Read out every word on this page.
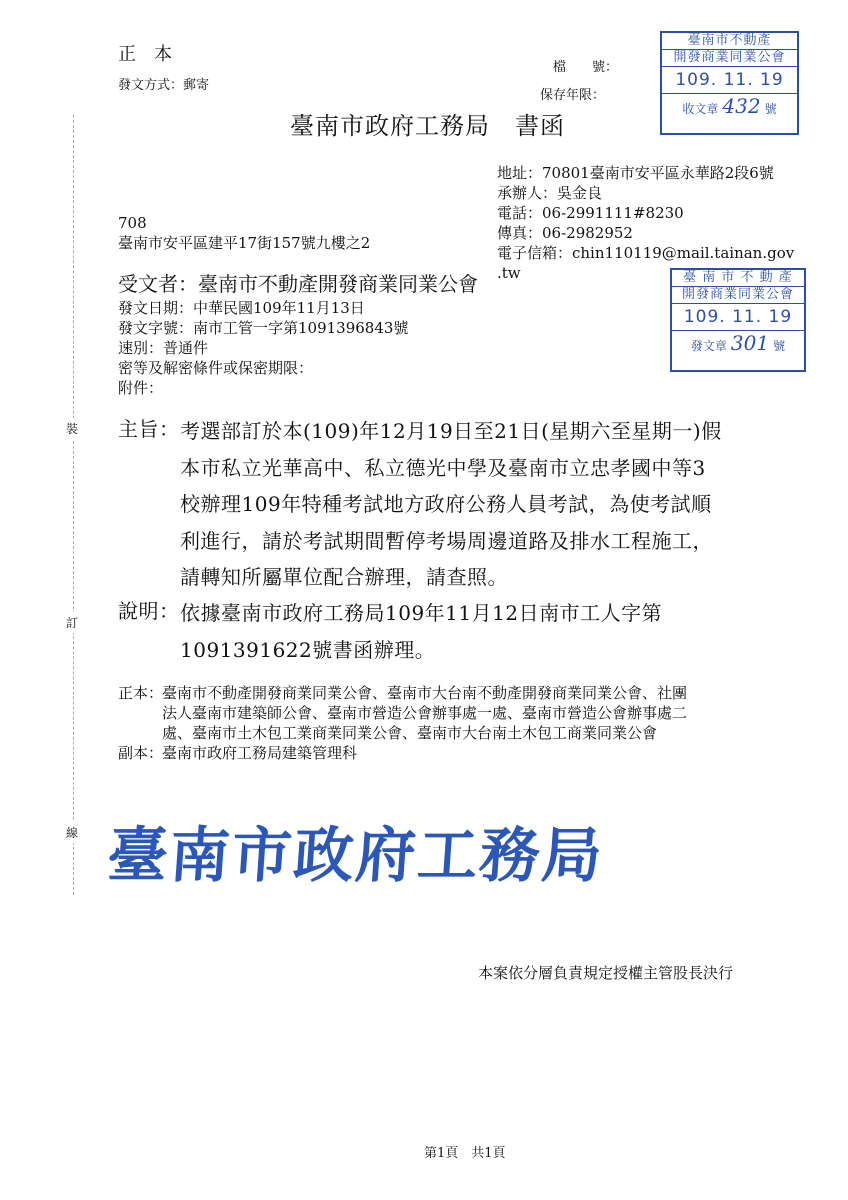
裝
訂
線
正　本
發文方式：郵寄
檔　　號：
保存年限：
臺南市政府工務局　書函
臺南市不動產
開發商業同業公會
109. 11. 19
收文章 432 號
地址：70801臺南市安平區永華路2段6號
承辦人：吳金良
電話：06-2991111#8230
傳真：06-2982952
電子信箱：chin110119@mail.tainan.gov
.tw
708
臺南市安平區建平17街157號九樓之2
受文者：臺南市不動產開發商業同業公會
發文日期：中華民國109年11月13日
發文字號：南市工管一字第1091396843號
速別：普通件
密等及解密條件或保密期限：
附件：
臺 南 市 不 動 產
開發商業同業公會
109. 11. 19
發文章 301 號
主旨： 考選部訂於本(109)年12月19日至21日(星期六至星期一)假
本市私立光華高中、私立德光中學及臺南市立忠孝國中等3
校辦理109年特種考試地方政府公務人員考試，為使考試順
利進行，請於考試期間暫停考場周邊道路及排水工程施工，
請轉知所屬單位配合辦理，請查照。
說明： 依據臺南市政府工務局109年11月12日南市工人字第
1091391622號書函辦理。
正本：
臺南市不動產開發商業同業公會、臺南市大台南不動產開發商業同業公會、社團
法人臺南市建築師公會、臺南市營造公會辦事處一處、臺南市營造公會辦事處二
處、臺南市土木包工業商業同業公會、臺南市大台南土木包工商業同業公會
副本：
臺南市政府工務局建築管理科
臺南市政府工務局
本案依分層負責規定授權主管股長決行
第1頁　共1頁
